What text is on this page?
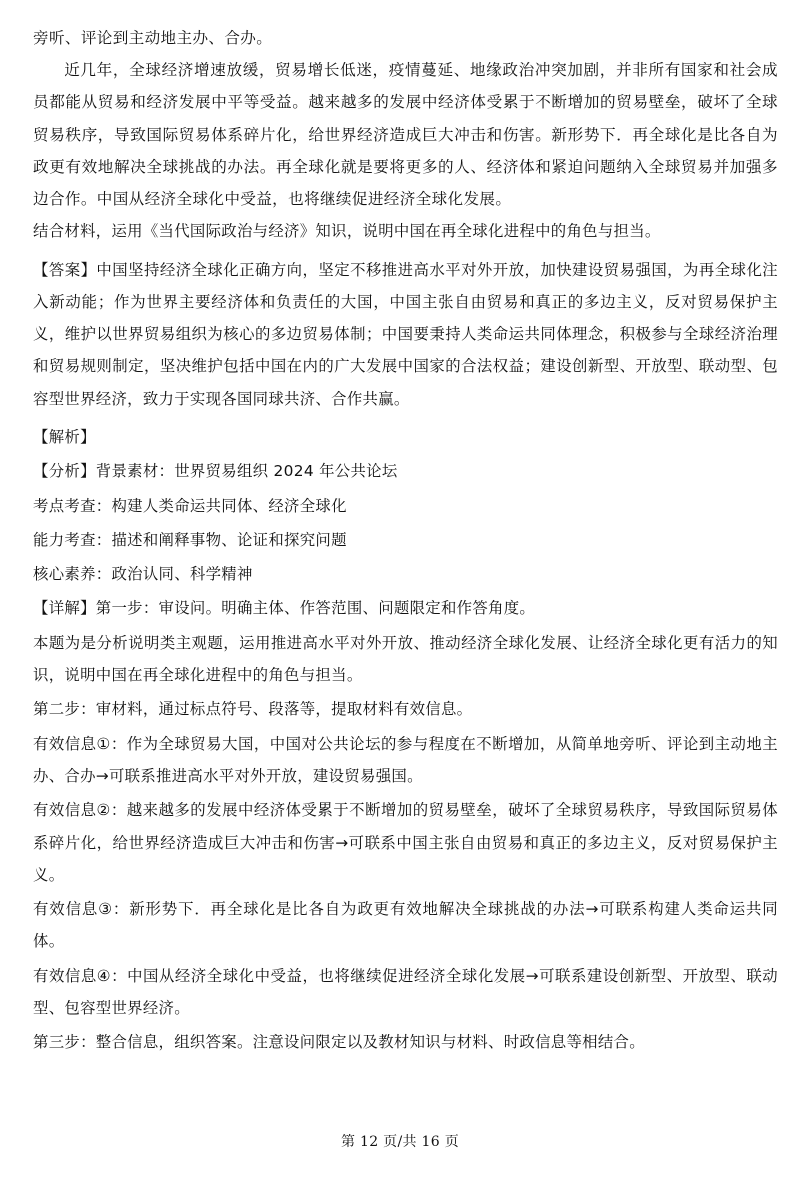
旁听、评论到主动地主办、合办。

近几年，全球经济增速放缓，贸易增长低迷，疫情蔓延、地缘政治冲突加剧，并非所有国家和社会成员都能从贸易和经济发展中平等受益。越来越多的发展中经济体受累于不断增加的贸易壁垒，破坏了全球贸易秩序，导致国际贸易体系碎片化，给世界经济造成巨大冲击和伤害。新形势下．再全球化是比各自为政更有效地解决全球挑战的办法。再全球化就是要将更多的人、经济体和紧迫问题纳入全球贸易并加强多边合作。中国从经济全球化中受益，也将继续促进经济全球化发展。

结合材料，运用《当代国际政治与经济》知识，说明中国在再全球化进程中的角色与担当。

【答案】中国坚持经济全球化正确方向，坚定不移推进高水平对外开放，加快建设贸易强国，为再全球化注入新动能；作为世界主要经济体和负责任的大国，中国主张自由贸易和真正的多边主义，反对贸易保护主义，维护以世界贸易组织为核心的多边贸易体制；中国要秉持人类命运共同体理念，积极参与全球经济治理和贸易规则制定，坚决维护包括中国在内的广大发展中国家的合法权益；建设创新型、开放型、联动型、包容型世界经济，致力于实现各国同球共济、合作共赢。

【解析】

【分析】背景素材：世界贸易组织 2024 年公共论坛

考点考查：构建人类命运共同体、经济全球化

能力考查：描述和阐释事物、论证和探究问题

核心素养：政治认同、科学精神

【详解】第一步：审设问。明确主体、作答范围、问题限定和作答角度。

本题为是分析说明类主观题，运用推进高水平对外开放、推动经济全球化发展、让经济全球化更有活力的知识，说明中国在再全球化进程中的角色与担当。

第二步：审材料，通过标点符号、段落等，提取材料有效信息。

有效信息①：作为全球贸易大国，中国对公共论坛的参与程度在不断增加，从简单地旁听、评论到主动地主办、合办→可联系推进高水平对外开放，建设贸易强国。

有效信息②：越来越多的发展中经济体受累于不断增加的贸易壁垒，破坏了全球贸易秩序，导致国际贸易体系碎片化，给世界经济造成巨大冲击和伤害→可联系中国主张自由贸易和真正的多边主义，反对贸易保护主义。

有效信息③：新形势下．再全球化是比各自为政更有效地解决全球挑战的办法→可联系构建人类命运共同体。

有效信息④：中国从经济全球化中受益，也将继续促进经济全球化发展→可联系建设创新型、开放型、联动型、包容型世界经济。

第三步：整合信息，组织答案。注意设问限定以及教材知识与材料、时政信息等相结合。

第 12 页/共 16 页
